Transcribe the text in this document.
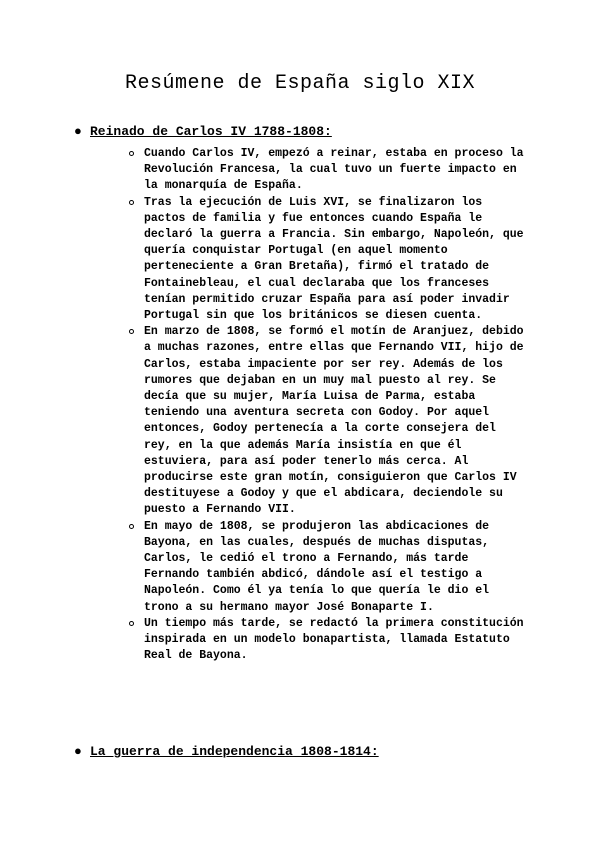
Resúmene de España siglo XIX
● Reinado de Carlos IV 1788-1808:
Cuando Carlos IV, empezó a reinar, estaba en proceso la Revolución Francesa, la cual tuvo un fuerte impacto en la monarquía de España.
Tras la ejecución de Luis XVI, se finalizaron los pactos de familia y fue entonces cuando España le declaró la guerra a Francia. Sin embargo, Napoleón, que quería conquistar Portugal (en aquel momento perteneciente a Gran Bretaña), firmó el tratado de Fontainebleau, el cual declaraba que los franceses tenían permitido cruzar España para así poder invadir Portugal sin que los británicos se diesen cuenta.
En marzo de 1808, se formó el motín de Aranjuez, debido a muchas razones, entre ellas que Fernando VII, hijo de Carlos, estaba impaciente por ser rey. Además de los rumores que dejaban en un muy mal puesto al rey. Se decía que su mujer, María Luisa de Parma, estaba teniendo una aventura secreta con Godoy. Por aquel entonces, Godoy pertenecía a la corte consejera del rey, en la que además María insistía en que él estuviera, para así poder tenerlo más cerca. Al producirse este gran motín, consiguieron que Carlos IV destituyese a Godoy y que el abdicara, deciendole su puesto a Fernando VII.
En mayo de 1808, se produjeron las abdicaciones de Bayona, en las cuales, después de muchas disputas, Carlos, le cedió el trono a Fernando, más tarde Fernando también abdicó, dándole así el testigo a Napoleón. Como él ya tenía lo que quería le dio el trono a su hermano mayor José Bonaparte I.
Un tiempo más tarde, se redactó la primera constitución inspirada en un modelo bonapartista, llamada Estatuto Real de Bayona.
● La guerra de independencia 1808-1814:
